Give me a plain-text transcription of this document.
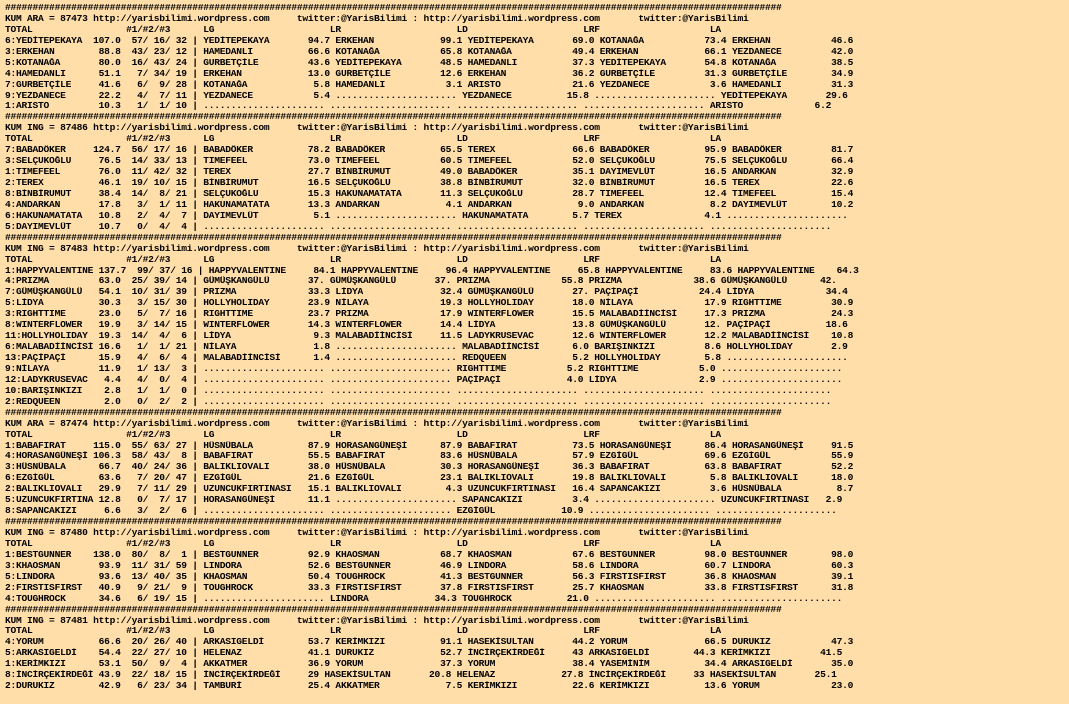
#############################################################################################################################################
KUM ARA = 87473 http://yarisbilimi.wordpress.com     twitter:@YarisBilimi : http://yarisbilimi.wordpress.com       twitter:@YarisBilimi
TOTAL                 #1/#2/#3      LG                     LR                     LD                     LRF                    LA
6:YEDİTEPEKAYA  107.0  57/ 16/ 32 | YEDİTEPEKAYA       94.7 ERKEHAN            99.1 YEDİTEPEKAYA       69.0 KOTANAĞA           73.4 ERKEHAN           46.6
3:ERKEHAN        88.8  43/ 23/ 12 | HAMEDANLI          66.6 KOTANAĞA           65.8 KOTANAĞA           49.4 ERKEHAN            66.1 YEZDANECE         42.0
5:KOTANAĞA       80.0  16/ 43/ 24 | GURBETÇİLE         43.6 YEDİTEPEKAYA       48.5 HAMEDANLI          37.3 YEDİTEPEKAYA       54.8 KOTANAĞA          38.5
4:HAMEDANLI      51.1   7/ 34/ 19 | ERKEHAN            13.0 GURBETÇİLE         12.6 ERKEHAN            36.2 GURBETÇİLE         31.3 GURBETÇİLE        34.9
7:GURBETÇİLE     41.6   6/  9/ 28 | KOTANAĞA            5.8 HAMEDANLI           3.1 ARISTO             21.6 YEZDANECE           3.6 HAMEDANLI         31.3
9:YEZDANECE      22.2   4/  7/ 11 | YEZDANECE           5.4 ...................... YEZDANECE          15.8 ...................... YEDİTEPEKAYA       29.6
1:ARISTO         10.3   1/  1/ 10 | ...................... ...................... ...................... ...................... ARISTO             6.2
#############################################################################################################################################
KUM ING = 87486 http://yarisbilimi.wordpress.com     twitter:@YarisBilimi : http://yarisbilimi.wordpress.com       twitter:@YarisBilimi
TOTAL                 #1/#2/#3      LG                     LR                     LD                     LRF                    LA
7:BABADÖKER     124.7  56/ 17/ 16 | BABADÖKER          78.2 BABADÖKER          65.5 TEREX              66.6 BABADÖKER          95.9 BABADÖKER         81.7
3:SELÇUKOĞLU     76.5  14/ 33/ 13 | TIMEFEEL           73.0 TIMEFEEL           60.5 TIMEFEEL           52.0 SELÇUKOĞLU         75.5 SELÇUKOĞLU        66.4
1:TIMEFEEL       76.0  11/ 42/ 32 | TEREX              27.7 BİNBİRUMUT         49.0 BABADÖKER          35.1 DAYIMEVLÜT         16.5 ANDARKAN          32.9
2:TEREX          46.1  19/ 10/ 15 | BİNBİRUMUT         16.5 SELÇUKOĞLU         38.8 BİNBİRUMUT         32.0 BİNBİRUMUT         16.5 TEREX             22.6
8:BİNBİRUMUT     38.4  14/  8/ 21 | SELÇUKOĞLU         15.3 HAKUNAMATATA       11.3 SELÇUKOĞLU         28.7 TIMEFEEL           12.4 TIMEFEEL          15.4
4:ANDARKAN       17.8   3/  1/ 11 | HAKUNAMATATA       13.3 ANDARKAN            4.1 ANDARKAN            9.0 ANDARKAN            8.2 DAYIMEVLÜT        10.2
6:HAKUNAMATATA   10.8   2/  4/  7 | DAYIMEVLÜT          5.1 ...................... HAKUNAMATATA        5.7 TEREX               4.1 ......................
5:DAYIMEVLÜT     10.7   0/  4/  4 | ...................... ...................... ...................... ...................... ......................
#############################################################################################################################################
KUM ING = 87483 http://yarisbilimi.wordpress.com     twitter:@YarisBilimi : http://yarisbilimi.wordpress.com       twitter:@YarisBilimi
TOTAL                 #1/#2/#3      LG                     LR                     LD                     LRF                    LA
1:HAPPYVALENTINE 137.7  99/ 37/ 16 | HAPPYVALENTINE     84.1 HAPPYVALENTINE     96.4 HAPPYVALENTINE     65.8 HAPPYVALENTINE     83.6 HAPPYVALENTINE    64.3
4:PRIZMA         63.0  25/ 39/ 14 | GÜMÜŞKANGÜLÜ       37. GÜMÜŞKANGÜLÜ       37. PRIZMA             55.8 PRIZMA             38.6 GÜMÜŞKANGÜLÜ      42.
7:GÜMÜŞKANGÜLÜ   54.1  10/ 31/ 39 | PRIZMA             33.3 LİDYA              32.4 GÜMÜŞKANGÜLÜ       27. PAÇİPAÇİ           24.4 LİDYA             34.4
5:LİDYA          30.3   3/ 15/ 30 | HOLLYHOLIDAY       23.9 NİLAYA             19.3 HOLLYHOLIDAY       18.0 NİLAYA             17.9 RIGHTTIME         30.9
3:RIGHTTIME      23.0   5/  7/ 16 | RIGHTTIME          23.7 PRIZMA             17.9 WINTERFLOWER       15.5 MALABADİİNCİSİ     17.3 PRIZMA            24.3
8:WINTERFLOWER   19.9   3/ 14/ 15 | WINTERFLOWER       14.3 WINTERFLOWER       14.4 LİDYA              13.8 GÜMÜŞKANGÜLÜ       12. PAÇİPAÇİ          18.6
11:HOLLYHOLIDAY  19.3  14/  4/  6 | LİDYA               9.3 MALABADİİNCİSİ     11.5 LADYKRUSEVAC       12.6 WINTERFLOWER       12.2 MALABADİİNCİSİ    10.8
6:MALABADİİNCİSİ 16.6   1/  1/ 21 | NİLAYA              1.8 ...................... MALABADİİNCİSİ      6.0 BARIŞINKIZI         8.6 HOLLYHOLIDAY       2.9
13:PAÇİPAÇİ      15.9   4/  6/  4 | MALABADİİNCİSİ      1.4 ...................... REDQUEEN            5.2 HOLLYHOLIDAY        5.8 ......................
9:NİLAYA         11.9   1/ 13/  3 | ...................... ...................... RIGHTTIME           5.2 RIGHTTIME           5.0 ......................
12:LADYKRUSEVAC   4.4   4/  0/  4 | ...................... ...................... PAÇİPAÇİ            4.0 LİDYA               2.9 ......................
10:BARIŞINKIZI    2.8   1/  1/  0 | ...................... ...................... ...................... ...................... ......................
2:REDQUEEN        2.0   0/  2/  2 | ...................... ...................... ...................... ...................... ......................
#############################################################################################################################################
KUM ARA = 87474 http://yarisbilimi.wordpress.com     twitter:@YarisBilimi : http://yarisbilimi.wordpress.com       twitter:@YarisBilimi
TOTAL                 #1/#2/#3      LG                     LR                     LD                     LRF                    LA
1:BABAFIRAT     115.0  55/ 63/ 27 | HÜSNÜBALA          87.9 HORASANGÜNEŞİ      87.9 BABAFIRAT          73.5 HORASANGÜNEŞİ      86.4 HORASANGÜNEŞİ     91.5
4:HORASANGÜNEŞİ 106.3  58/ 43/  8 | BABAFIRAT          55.5 BABAFIRAT          83.6 HÜSNÜBALA          57.9 EZGİGÜL            69.6 EZGİGÜL           55.9
3:HÜSNÜBALA      66.7  40/ 24/ 36 | BALIKLIOVALI       38.0 HÜSNÜBALA          30.3 HORASANGÜNEŞİ      36.3 BABAFIRAT          63.8 BABAFIRAT         52.2
6:EZGİGÜL        63.6   7/ 20/ 47 | EZGİGÜL            21.6 EZGİGÜL            23.1 BALIKLIOVALI       19.8 BALIKLIOVALI        5.8 BALIKLIOVALI      18.0
2:BALIKLIOVALI   29.9   7/ 11/ 29 | UZUNCUKFIRTINASI   15.1 BALIKLIOVALI        4.3 UZUNCUKFIRTINASI   16.4 SAPANCAKIZI         3.6 HÜSNÜBALA          8.7
5:UZUNCUKFIRTINA 12.8   0/  7/ 17 | HORASANGÜNEŞİ      11.1 ...................... SAPANCAKIZI         3.4 ...................... UZUNCUKFIRTINASI   2.9
8:SAPANCAKIZI     6.6   3/  2/  6 | ...................... ...................... EZGİGÜL            10.9 ...................... ......................
#############################################################################################################################################
KUM ING = 87480 http://yarisbilimi.wordpress.com     twitter:@YarisBilimi : http://yarisbilimi.wordpress.com       twitter:@YarisBilimi
TOTAL                 #1/#2/#3      LG                     LR                     LD                     LRF                    LA
1:BESTGUNNER    138.0  80/  8/  1 | BESTGUNNER         92.9 KHAOSMAN           68.7 KHAOSMAN           67.6 BESTGUNNER         98.0 BESTGUNNER        98.0
3:KHAOSMAN       93.9  11/ 31/ 59 | LINDORA            52.6 BESTGUNNER         46.9 LINDORA            58.6 LINDORA            60.7 LINDORA           60.3
5:LINDORA        93.6  13/ 40/ 35 | KHAOSMAN           50.4 TOUGHROCK          41.3 BESTGUNNER         56.3 FIRSTISFIRST       36.8 KHAOSMAN          39.1
2:FIRSTISFIRST   40.9   9/ 21/  9 | TOUGHROCK          33.3 FIRSTISFIRST       37.8 FIRSTISFIRST       25.7 KHAOSMAN           33.8 FIRSTISFIRST      31.8
4:TOUGHROCK      34.6   6/ 19/ 15 | ...................... LINDORA            34.3 TOUGHROCK          21.0 ...................... ......................
#############################################################################################################################################
KUM ING = 87481 http://yarisbilimi.wordpress.com     twitter:@YarisBilimi : http://yarisbilimi.wordpress.com       twitter:@YarisBilimi
TOTAL                 #1/#2/#3      LG                     LR                     LD                     LRF                    LA
4:YORUM          66.6  20/ 26/ 40 | ARKASIGELDİ        53.7 KERİMKIZI          91.1 HASEKİSULTAN       44.2 YORUM              66.5 DURUKIZ           47.3
5:ARKASIGELDİ    54.4  22/ 27/ 10 | HELENAZ            41.1 DURUKIZ            52.7 İNCİRÇEKİRDEĞİ     43 ARKASIGELDİ        44.3 KERİMKIZI         41.5
1:KERİMKIZI      53.1  50/  9/  4 | AKKATMER           36.9 YORUM              37.3 YORUM              38.4 YASEMİNİM          34.4 ARKASIGELDİ       35.0
8:İNCİRÇEKİRDEĞİ 43.9  22/ 18/ 15 | İNCİRÇEKİRDEĞİ     29 HASEKİSULTAN       20.8 HELENAZ            27.8 İNCİRÇEKİRDEĞİ     33 HASEKİSULTAN       25.1
2:DURUKIZ        42.9   6/ 23/ 34 | TAMBURİ            25.4 AKKATMER            7.5 KERİMKIZI          22.6 KERİMKIZI          13.6 YORUM             23.0
